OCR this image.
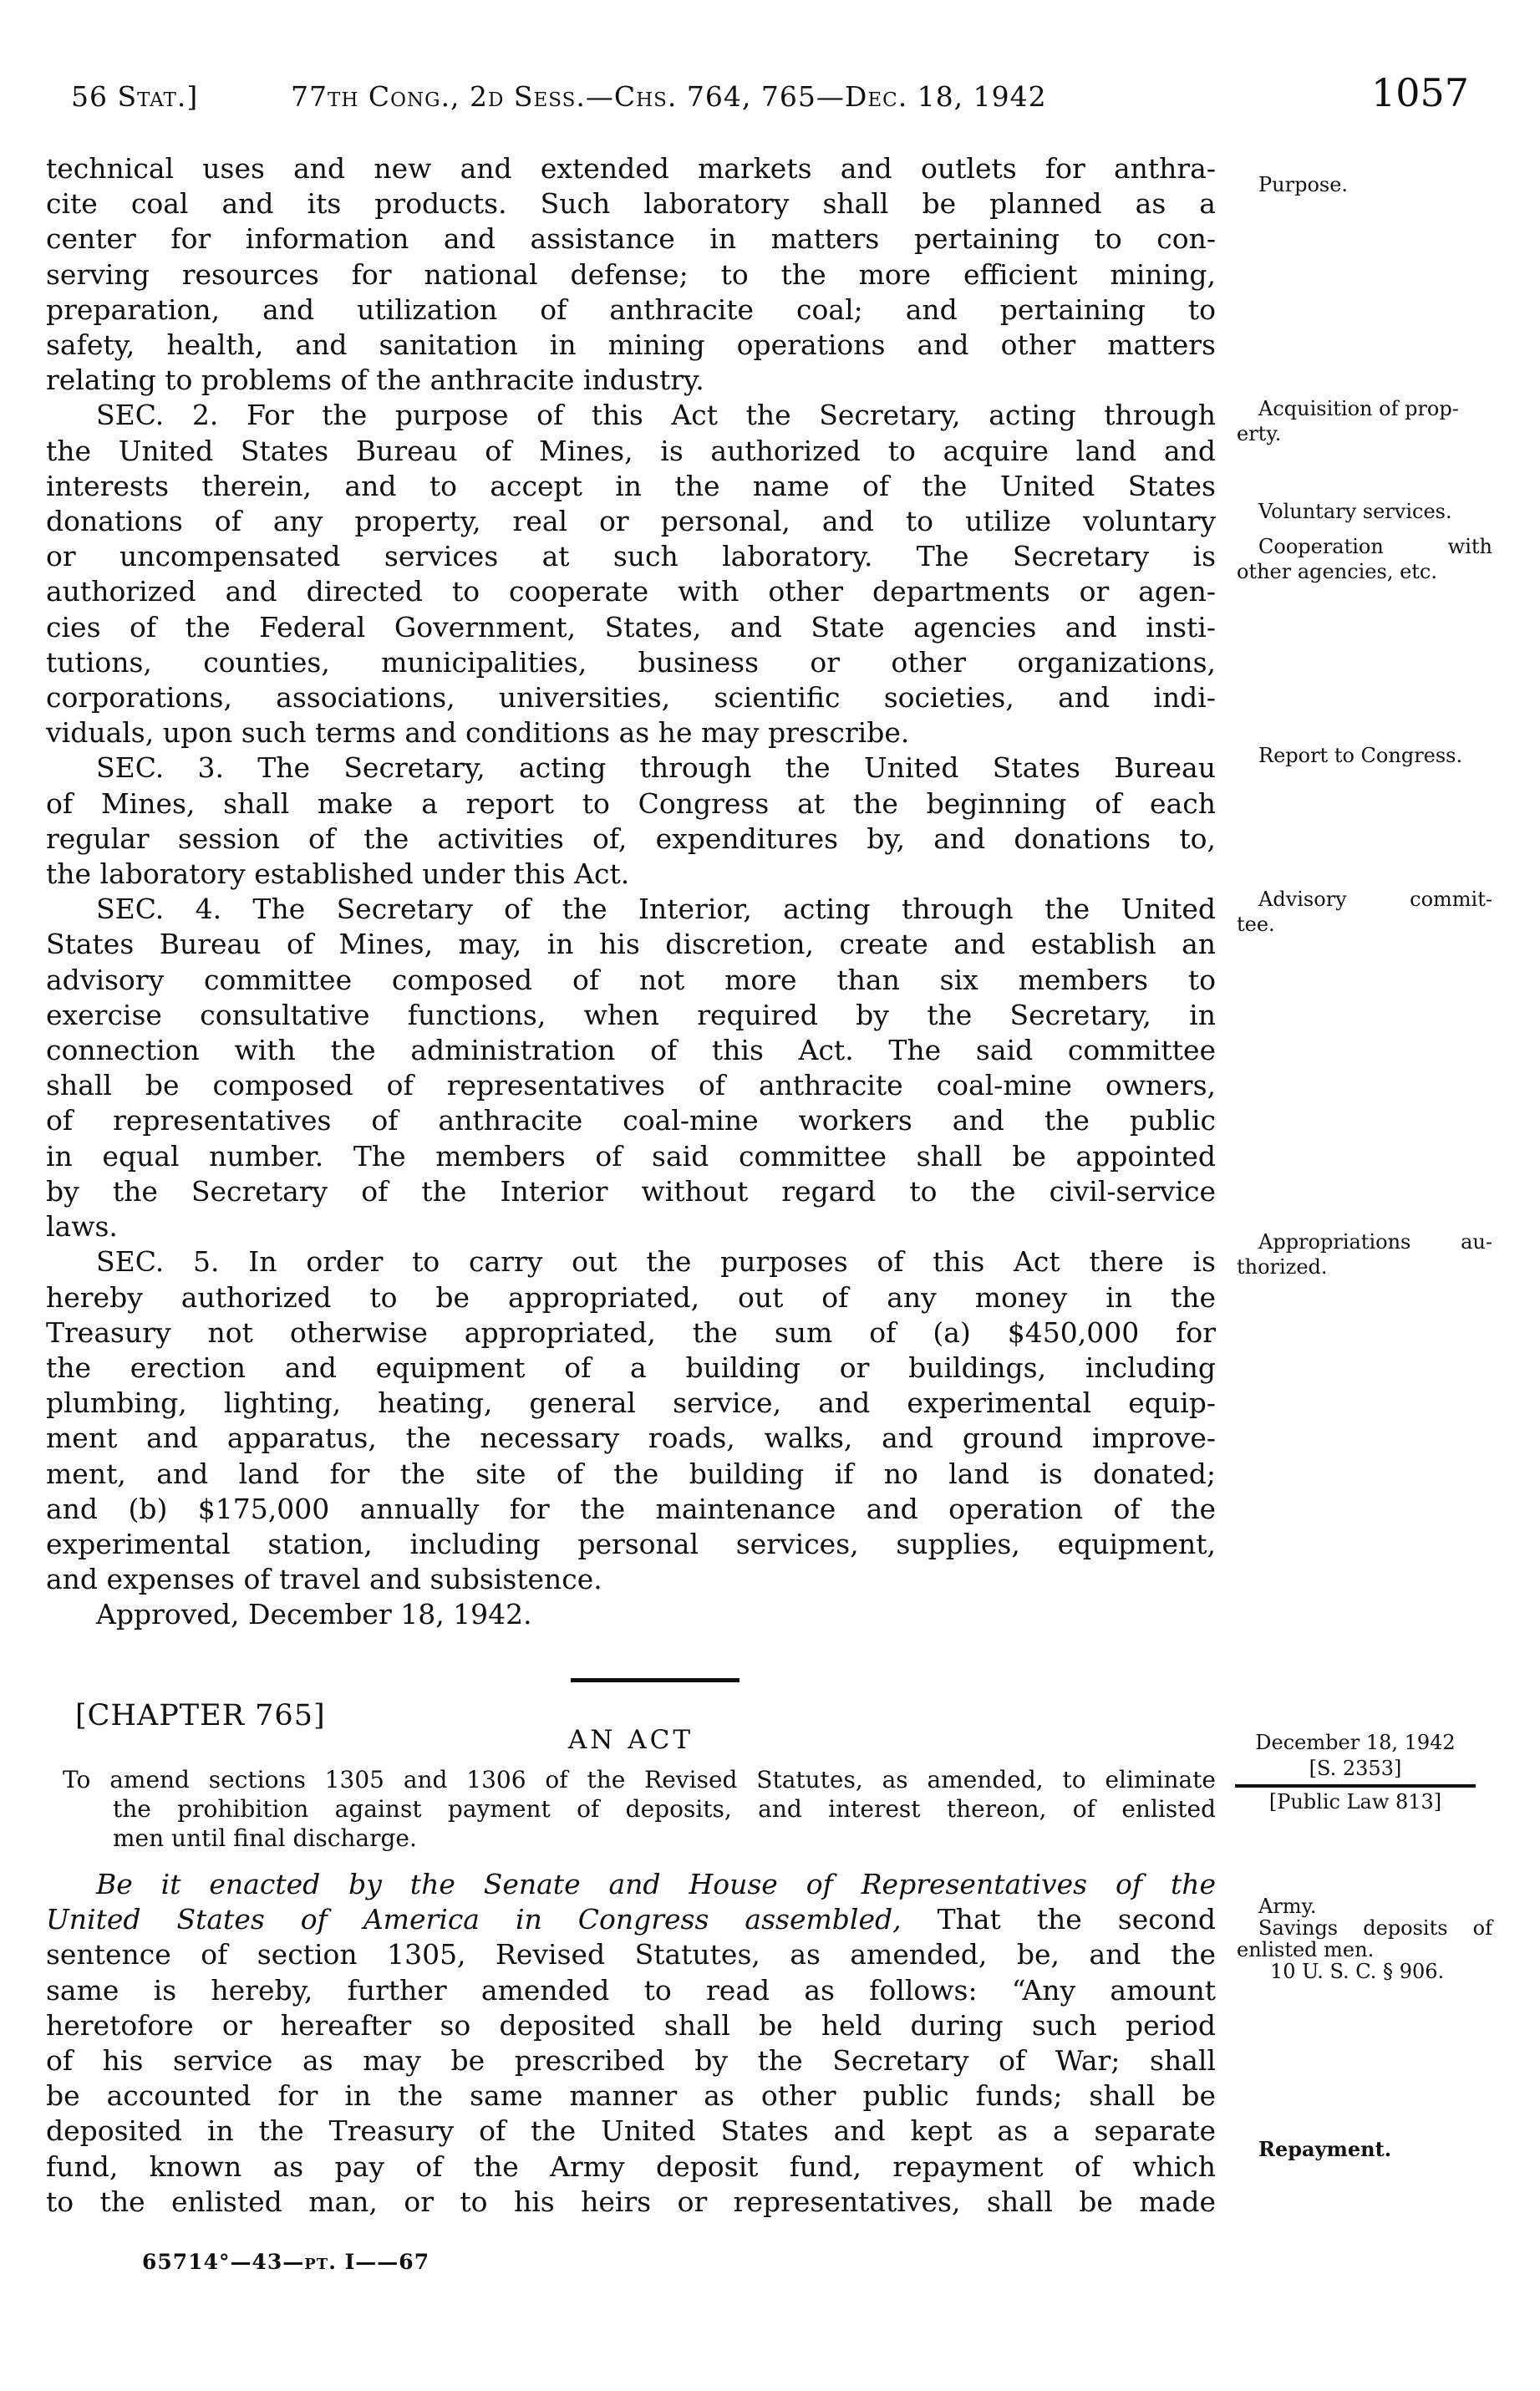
56 Stat.]	77th Cong., 2d Sess.—Chs. 764, 765—Dec. 18, 1942	1057
technical uses and new and extended markets and outlets for anthra-
cite coal and its products. Such laboratory shall be planned as a
center for information and assistance in matters pertaining to con-
serving resources for national defense; to the more efficient mining,
preparation, and utilization of anthracite coal; and pertaining to
safety, health, and sanitation in mining operations and other matters
relating to problems of the anthracite industry.
SEC. 2. For the purpose of this Act the Secretary, acting through
the United States Bureau of Mines, is authorized to acquire land and
interests therein, and to accept in the name of the United States
donations of any property, real or personal, and to utilize voluntary
or uncompensated services at such laboratory. The Secretary is
authorized and directed to cooperate with other departments or agen-
cies of the Federal Government, States, and State agencies and insti-
tutions, counties, municipalities, business or other organizations,
corporations, associations, universities, scientific societies, and indi-
viduals, upon such terms and conditions as he may prescribe.
SEC. 3. The Secretary, acting through the United States Bureau
of Mines, shall make a report to Congress at the beginning of each
regular session of the activities of, expenditures by, and donations to,
the laboratory established under this Act.
SEC. 4. The Secretary of the Interior, acting through the United
States Bureau of Mines, may, in his discretion, create and establish an
advisory committee composed of not more than six members to
exercise consultative functions, when required by the Secretary, in
connection with the administration of this Act. The said committee
shall be composed of representatives of anthracite coal-mine owners,
of representatives of anthracite coal-mine workers and the public
in equal number. The members of said committee shall be appointed
by the Secretary of the Interior without regard to the civil-service
laws.
SEC. 5. In order to carry out the purposes of this Act there is
hereby authorized to be appropriated, out of any money in the
Treasury not otherwise appropriated, the sum of (a) $450,000 for
the erection and equipment of a building or buildings, including
plumbing, lighting, heating, general service, and experimental equip-
ment and apparatus, the necessary roads, walks, and ground improve-
ment, and land for the site of the building if no land is donated;
and (b) $175,000 annually for the maintenance and operation of the
experimental station, including personal services, supplies, equipment,
and expenses of travel and subsistence.
Approved, December 18, 1942.
Purpose.
Acquisition of prop-
erty.
Voluntary services.
Cooperation with
other agencies, etc.
Report to Congress.
Advisory commit-
tee.
Appropriations au-
thorized.
[CHAPTER 765]
AN ACT
To amend sections 1305 and 1306 of the Revised Statutes, as amended, to eliminate
the prohibition against payment of deposits, and interest thereon, of enlisted
men until final discharge.
December 18, 1942
[S. 2353]
[Public Law 813]
Army.
Savings deposits of
enlisted men.
10 U. S. C. § 906.
Repayment.
Be it enacted by the Senate and House of Representatives of the
United States of America in Congress assembled, That the second
sentence of section 1305, Revised Statutes, as amended, be, and the
same is hereby, further amended to read as follows: “Any amount
heretofore or hereafter so deposited shall be held during such period
of his service as may be prescribed by the Secretary of War; shall
be accounted for in the same manner as other public funds; shall be
deposited in the Treasury of the United States and kept as a separate
fund, known as pay of the Army deposit fund, repayment of which
to the enlisted man, or to his heirs or representatives, shall be made
65714°—43—pt. I——67
